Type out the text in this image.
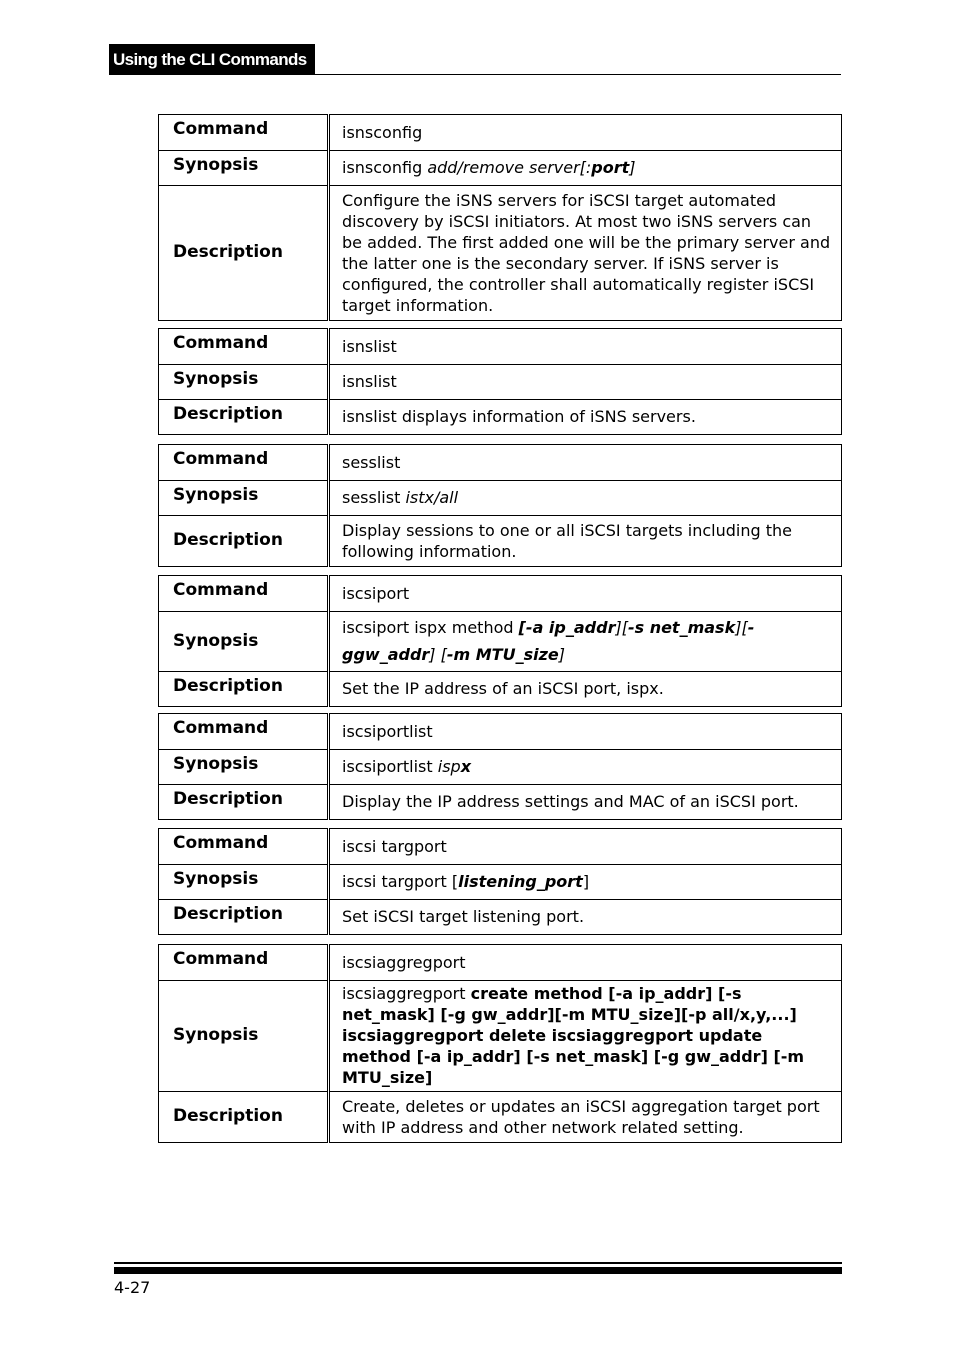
Using the CLI Commands
Command	isnsconfig
Synopsis	isnsconfig add/remove server[:port]
Description	Configure the iSNS servers for iSCSI target automated discovery by iSCSI initiators. At most two iSNS servers can be added. The first added one will be the primary server and the latter one is the secondary server. If iSNS server is configured, the controller shall automatically register iSCSI target information.
Command	isnslist
Synopsis	isnslist
Description	isnslist displays information of iSNS servers.
Command	sesslist
Synopsis	sesslist istx/all
Description	Display sessions to one or all iSCSI targets including the following information.
Command	iscsiport
Synopsis	iscsiport ispx method [-a ip_addr][-s net_mask][-ggw_addr] [-m MTU_size]
Description	Set the IP address of an iSCSI port, ispx.
Command	iscsiportlist
Synopsis	iscsiportlist ispx
Description	Display the IP address settings and MAC of an iSCSI port.
Command	iscsi targport
Synopsis	iscsi targport [listening_port]
Description	Set iSCSI target listening port.
Command	iscsiaggregport
Synopsis	iscsiaggregport create method [-a ip_addr] [-s net_mask] [-g gw_addr][-m MTU_size][-p all/x,y,...] iscsiaggregport delete iscsiaggregport update method [-a ip_addr] [-s net_mask] [-g gw_addr] [-m MTU_size]
Description	Create, deletes or updates an iSCSI aggregation target port with IP address and other network related setting.
4-27
